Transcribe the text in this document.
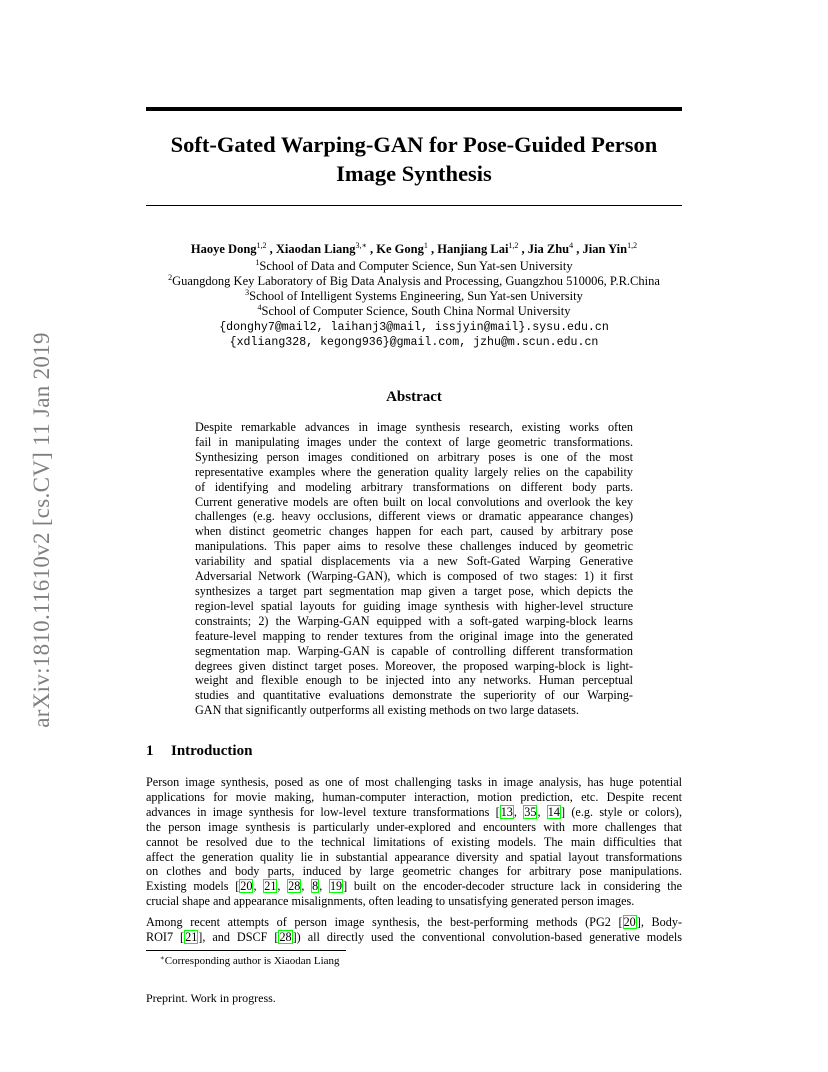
arXiv:1810.11610v2 [cs.CV] 11 Jan 2019
Soft-Gated Warping-GAN for Pose-Guided Person
Image Synthesis
Haoye Dong$^{1,2}$ , Xiaodan Liang$^{3,∗}$ , Ke Gong$^1$ , Hanjiang Lai$^{1,2}$ , Jia Zhu$^4$ , Jian Yin$^{1,2}$
$^1$School of Data and Computer Science, Sun Yat-sen University
$^2$Guangdong Key Laboratory of Big Data Analysis and Processing, Guangzhou 510006, P.R.China
$^3$School of Intelligent Systems Engineering, Sun Yat-sen University
$^4$School of Computer Science, South China Normal University
{donghy7@mail2, laihanj3@mail, issjyin@mail}.sysu.edu.cn
{xdliang328, kegong936}@gmail.com, jzhu@m.scun.edu.cn
Abstract
Despite remarkable advances in image synthesis research, existing works often
fail in manipulating images under the context of large geometric transformations.
Synthesizing person images conditioned on arbitrary poses is one of the most
representative examples where the generation quality largely relies on the capability
of identifying and modeling arbitrary transformations on different body parts.
Current generative models are often built on local convolutions and overlook the key
challenges (e.g. heavy occlusions, different views or dramatic appearance changes)
when distinct geometric changes happen for each part, caused by arbitrary pose
manipulations. This paper aims to resolve these challenges induced by geometric
variability and spatial displacements via a new Soft-Gated Warping Generative
Adversarial Network (Warping-GAN), which is composed of two stages: 1) it first
synthesizes a target part segmentation map given a target pose, which depicts the
region-level spatial layouts for guiding image synthesis with higher-level structure
constraints; 2) the Warping-GAN equipped with a soft-gated warping-block learns
feature-level mapping to render textures from the original image into the generated
segmentation map. Warping-GAN is capable of controlling different transformation
degrees given distinct target poses. Moreover, the proposed warping-block is light-
weight and flexible enough to be injected into any networks. Human perceptual
studies and quantitative evaluations demonstrate the superiority of our Warping-
GAN that significantly outperforms all existing methods on two large datasets.
1 Introduction
Person image synthesis, posed as one of most challenging tasks in image analysis, has huge potential
applications for movie making, human-computer interaction, motion prediction, etc. Despite recent
advances in image synthesis for low-level texture transformations [13, 35, 14] (e.g. style or colors),
the person image synthesis is particularly under-explored and encounters with more challenges that
cannot be resolved due to the technical limitations of existing models. The main difficulties that
affect the generation quality lie in substantial appearance diversity and spatial layout transformations
on clothes and body parts, induced by large geometric changes for arbitrary pose manipulations.
Existing models [20, 21, 28, 8, 19] built on the encoder-decoder structure lack in considering the
crucial shape and appearance misalignments, often leading to unsatisfying generated person images.
Among recent attempts of person image synthesis, the best-performing methods (PG2 [20], Body-
ROI7 [21], and DSCF [28]) all directly used the conventional convolution-based generative models
∗Corresponding author is Xiaodan Liang
Preprint. Work in progress.
